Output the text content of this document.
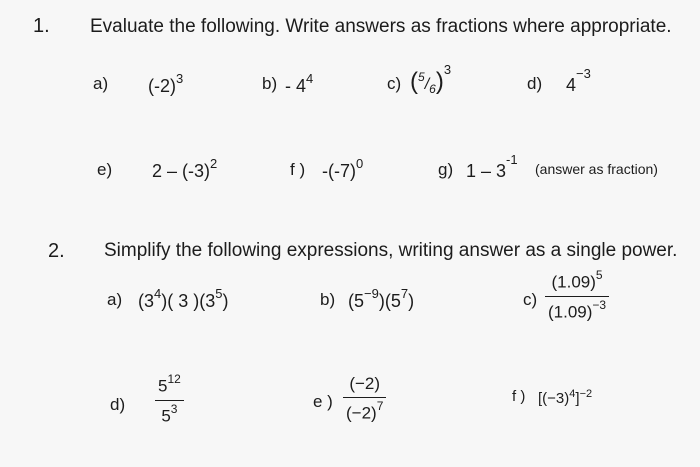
1. Evaluate the following. Write answers as fractions where appropriate.
a) $(-2)^3$	$b) - 4^4$	c) $(^5/_6)^3$
d) $4^{-3}$
e) $2 - (-3)^2$	f ) $-(-7)^0$	g) $1 - 3^{-1}$
(answer as fraction)
2. Simplify the following expressions, writing answer as a single power.
a) $(3^4)$( 3 )$(3^5)$	b) $(5^{-9})(5^7)$	c)
$(1.09)^5$
$(1.09)^{-3}$
d)
$5^{12}$
$5^3$	e )
(−2)
$(-2)^7$
f ) $[(-3)^4]^{-2}$
